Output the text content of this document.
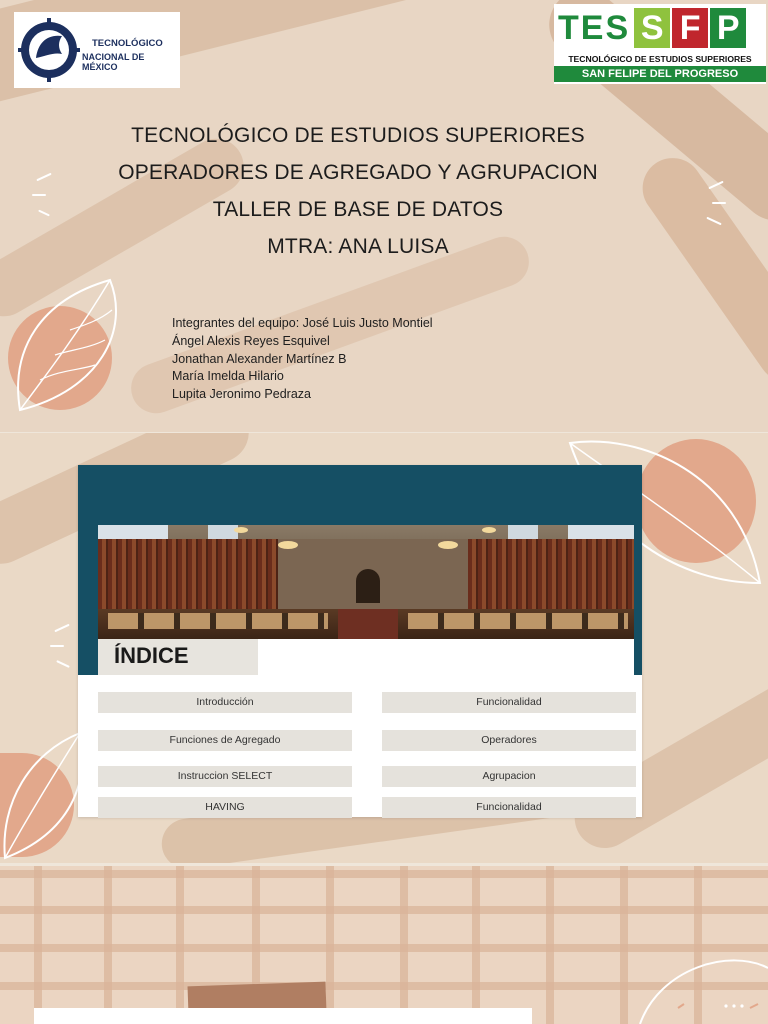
TECNOLÓGICO
NACIONAL DE MÉXICO
T E S S F P
TECNOLÓGICO DE ESTUDIOS SUPERIORES
SAN FELIPE DEL PROGRESO
TECNOLÓGICO DE ESTUDIOS SUPERIORES
OPERADORES DE AGREGADO Y AGRUPACION
TALLER DE BASE DE DATOS
MTRA: ANA LUISA
Integrantes del equipo: José Luis Justo Montiel
Ángel Alexis Reyes Esquivel
Jonathan Alexander Martínez B
María Imelda Hilario
Lupita Jeronimo Pedraza
ÍNDICE
Introducción
Funciones de Agregado
Instruccion SELECT
HAVING
Funcionalidad
Operadores
Agrupacion
Funcionalidad
